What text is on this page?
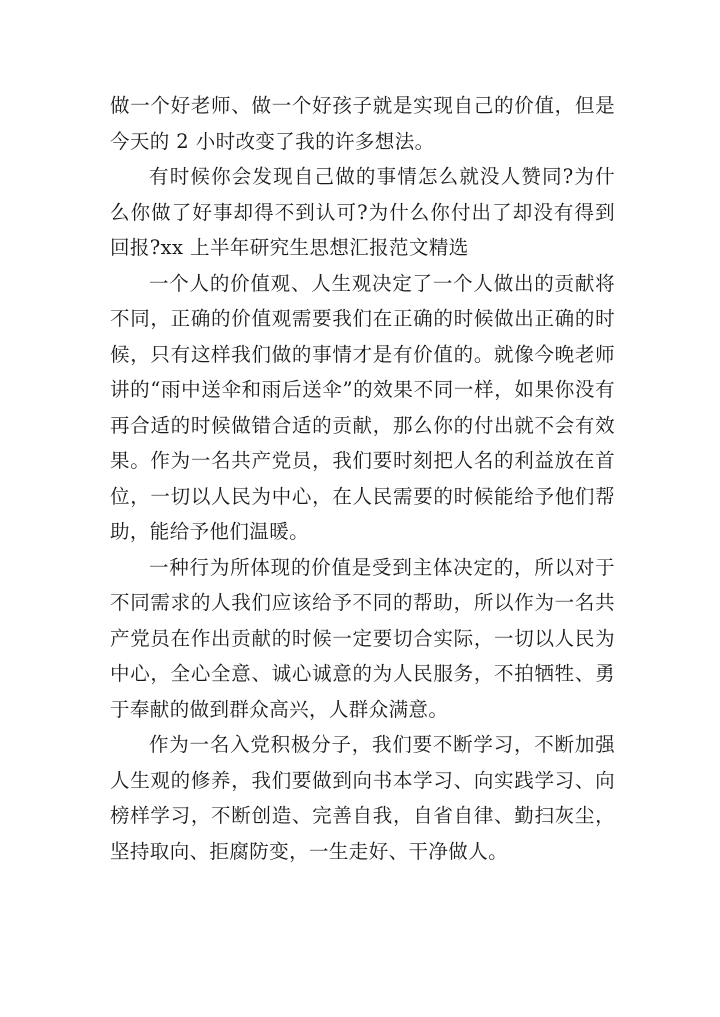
做一个好老师、做一个好孩子就是实现自己的价值，但是今天的 2 小时改变了我的许多想法。

有时候你会发现自己做的事情怎么就没人赞同?为什么你做了好事却得不到认可?为什么你付出了却没有得到回报?xx 上半年研究生思想汇报范文精选

一个人的价值观、人生观决定了一个人做出的贡献将不同，正确的价值观需要我们在正确的时候做出正确的时候，只有这样我们做的事情才是有价值的。就像今晚老师讲的“雨中送伞和雨后送伞”的效果不同一样，如果你没有再合适的时候做错合适的贡献，那么你的付出就不会有效果。作为一名共产党员，我们要时刻把人名的利益放在首位，一切以人民为中心，在人民需要的时候能给予他们帮助，能给予他们温暖。

一种行为所体现的价值是受到主体决定的，所以对于不同需求的人我们应该给予不同的帮助，所以作为一名共产党员在作出贡献的时候一定要切合实际，一切以人民为中心，全心全意、诚心诚意的为人民服务，不拍牺牲、勇于奉献的做到群众高兴，人群众满意。

作为一名入党积极分子，我们要不断学习，不断加强人生观的修养，我们要做到向书本学习、向实践学习、向榜样学习，不断创造、完善自我，自省自律、勤扫灰尘，坚持取向、拒腐防变，一生走好、干净做人。
